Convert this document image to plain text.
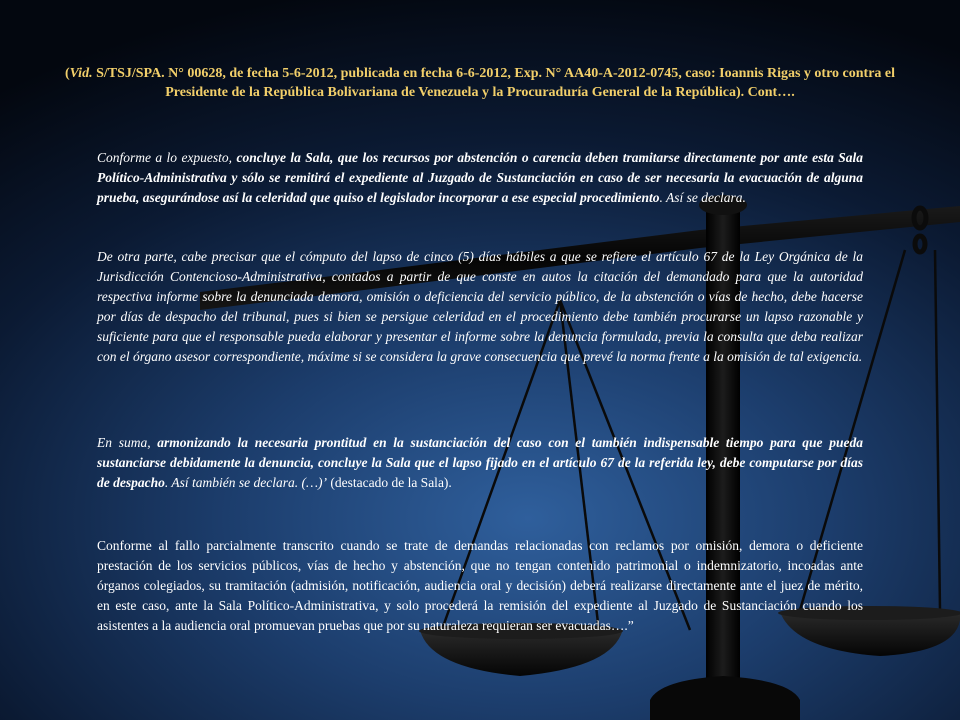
(Vid. S/TSJ/SPA. N° 00628, de fecha 5-6-2012, publicada en fecha 6-6-2012, Exp. N° AA40-A-2012-0745, caso: Ioannis Rigas y otro contra el Presidente de la República Bolivariana de Venezuela y la Procuraduría General de la República). Cont….
Conforme a lo expuesto, concluye la Sala, que los recursos por abstención o carencia deben tramitarse directamente por ante esta Sala Político-Administrativa y sólo se remitirá el expediente al Juzgado de Sustanciación en caso de ser necesaria la evacuación de alguna prueba, asegurándose así la celeridad que quiso el legislador incorporar a ese especial procedimiento. Así se declara.
De otra parte, cabe precisar que el cómputo del lapso de cinco (5) días hábiles a que se refiere el artículo 67 de la Ley Orgánica de la Jurisdicción Contencioso-Administrativa, contados a partir de que conste en autos la citación del demandado para que la autoridad respectiva informe sobre la denunciada demora, omisión o deficiencia del servicio público, de la abstención o vías de hecho, debe hacerse por días de despacho del tribunal, pues si bien se persigue celeridad en el procedimiento debe también procurarse un lapso razonable y suficiente para que el responsable pueda elaborar y presentar el informe sobre la denuncia formulada, previa la consulta que deba realizar con el órgano asesor correspondiente, máxime si se considera la grave consecuencia que prevé la norma frente a la omisión de tal exigencia.
En suma, armonizando la necesaria prontitud en la sustanciación del caso con el también indispensable tiempo para que pueda sustanciarse debidamente la denuncia, concluye la Sala que el lapso fijado en el artículo 67 de la referida ley, debe computarse por días de despacho. Así también se declara. (…)’ (destacado de la Sala).
Conforme al fallo parcialmente transcrito cuando se trate de demandas relacionadas con reclamos por omisión, demora o deficiente prestación de los servicios públicos, vías de hecho y abstención, que no tengan contenido patrimonial o indemnizatorio, incoadas ante órganos colegiados, su tramitación (admisión, notificación, audiencia oral y decisión) deberá realizarse directamente ante el juez de mérito, en este caso, ante la Sala Político-Administrativa, y solo procederá la remisión del expediente al Juzgado de Sustanciación cuando los asistentes a la audiencia oral promuevan pruebas que por su naturaleza requieran ser evacuadas….”
